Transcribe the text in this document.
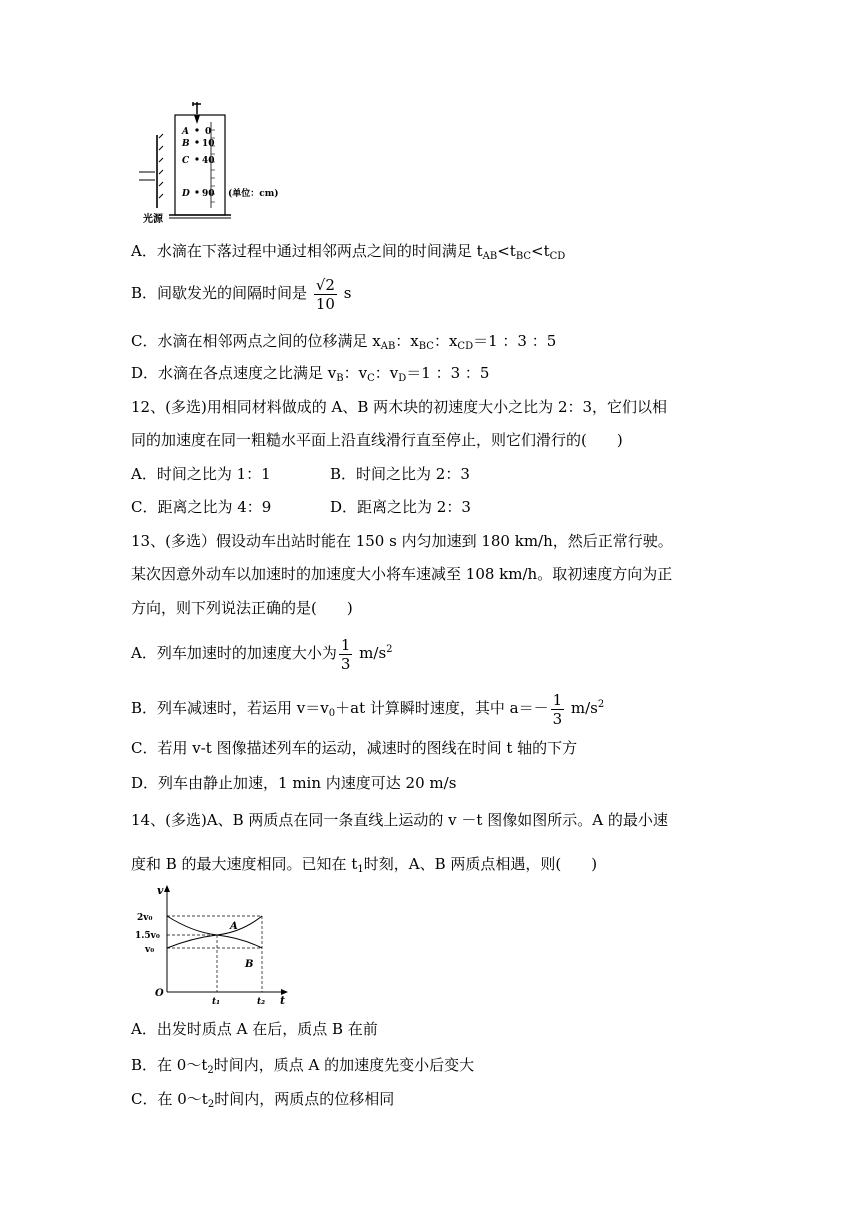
A
B
C
D
0
10
40
90 (单位：cm)
光源
A．水滴在下落过程中通过相邻两点之间的时间满足 $t_{AB}<t_{BC}<t_{CD}$
B．间歇发光的间隔时间是 $\frac{√2}{10}$ s
C．水滴在相邻两点之间的位移满足 $x_{AB}$：$x_{BC}$：$x_{CD}=1$ ：3 ：5
D．水滴在各点速度之比满足 $v_B$：$v_C$：$v_D=1$ ：3 ：5
12、(多选)用相同材料做成的 A、B 两木块的初速度大小之比为 2：3，它们以相
同的加速度在同一粗糙水平面上沿直线滑行直至停止，则它们滑行的(　　)
A．时间之比为 1：1	B．时间之比为 2：3
C．距离之比为 4：9	D．距离之比为 2：3
13、(多选）假设动车出站时能在 150 s 内匀加速到 180 km/h，然后正常行驶。
某次因意外动车以加速时的加速度大小将车速减至 108 km/h。取初速度方向为正
方向，则下列说法正确的是(　　)
A．列车加速时的加速度大小为 $\frac{1}{3} m/s^2$
B．列车减速时，若运用 $v=v_0+at$ 计算瞬时速度，其中 $a=- \frac{1}{3} m/s^2$
C．若用 v-t 图像描述列车的运动，减速时的图线在时间 t 轴的下方
D．列车由静止加速，1 min 内速度可达 20 m/s
14、(多选)A、B 两质点在同一条直线上运动的 v －t 图像如图所示。A 的最小速
度和 B 的最大速度相同。已知在 $t_1$时刻，A、B 两质点相遇，则(　　)
v
t
O
2v₀
1.5v₀
v₀
t₁	t₂
A
B
A．出发时质点 A 在后，质点 B 在前
B．在 $0\sim t_2$时间内，质点 A 的加速度先变小后变大
C．在 $0\sim t_2$时间内，两质点的位移相同
